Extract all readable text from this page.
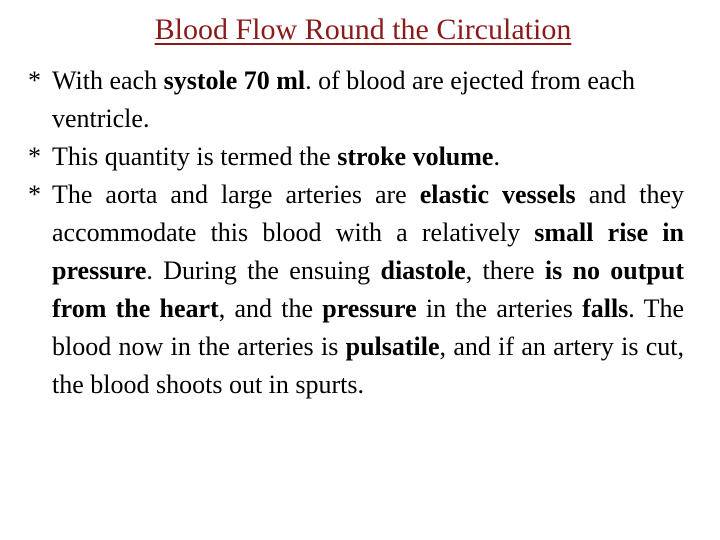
Blood Flow Round the Circulation
* With each systole 70 ml. of blood are ejected from each ventricle.
* This quantity is termed the stroke volume.
* The aorta and large arteries are elastic vessels and they accommodate this blood with a relatively small rise in pressure. During the ensuing diastole, there is no output from the heart, and the pressure in the arteries falls. The blood now in the arteries is pulsatile, and if an artery is cut, the blood shoots out in spurts.
